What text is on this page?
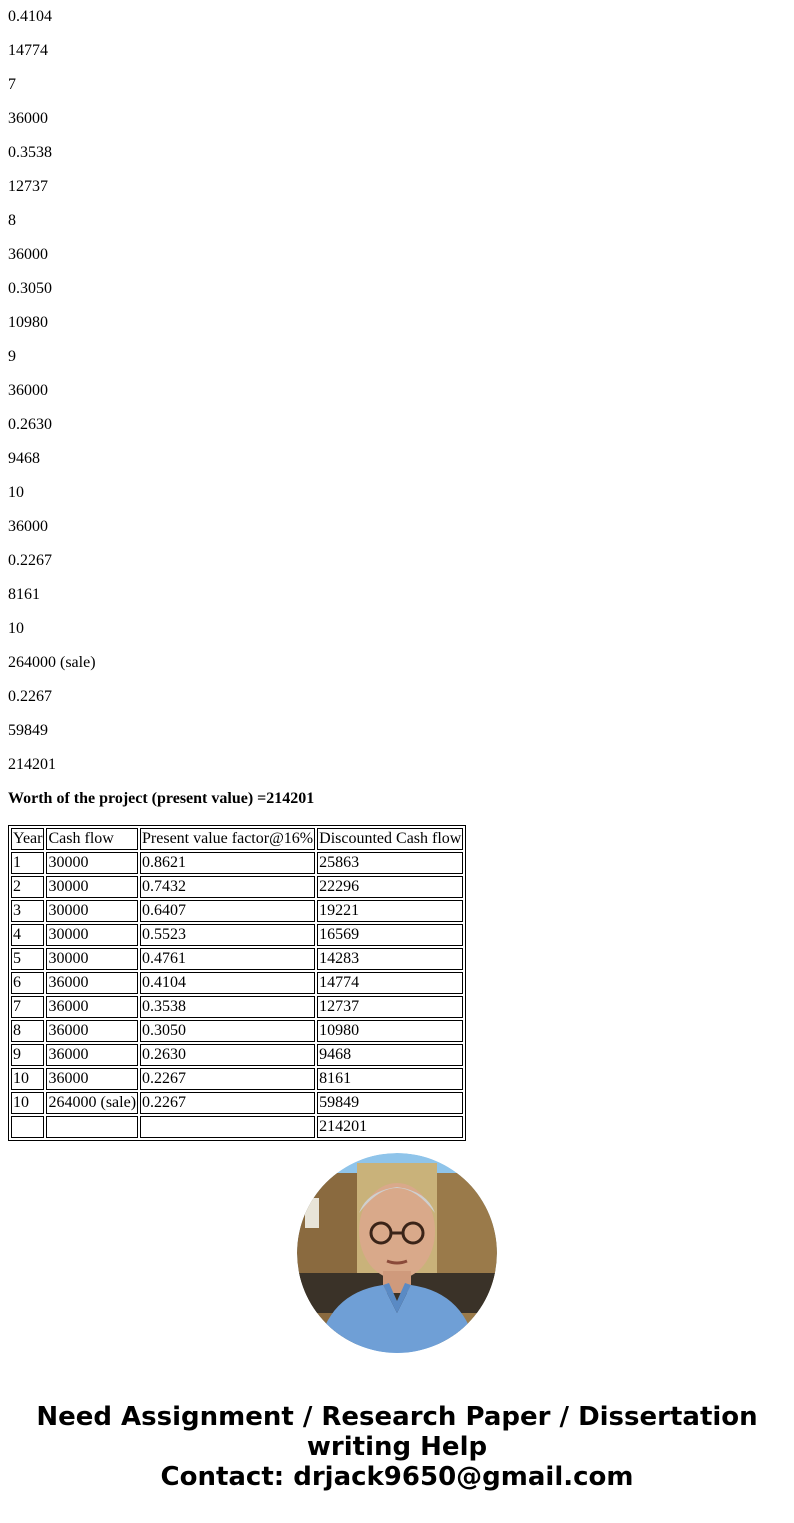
0.4104
14774
7
36000
0.3538
12737
8
36000
0.3050
10980
9
36000
0.2630
9468
10
36000
0.2267
8161
10
264000 (sale)
0.2267
59849
214201
Worth of the project (present value) =214201
Year	Cash flow	Present value factor@16%	Discounted Cash flow
1	30000	0.8621	25863
2	30000	0.7432	22296
3	30000	0.6407	19221
4	30000	0.5523	16569
5	30000	0.4761	14283
6	36000	0.4104	14774
7	36000	0.3538	12737
8	36000	0.3050	10980
9	36000	0.2630	9468
10	36000	0.2267	8161
10	264000 (sale)	0.2267	59849
			214201
Need Assignment / Research Paper / Dissertation
writing Help
Contact: drjack9650@gmail.com
